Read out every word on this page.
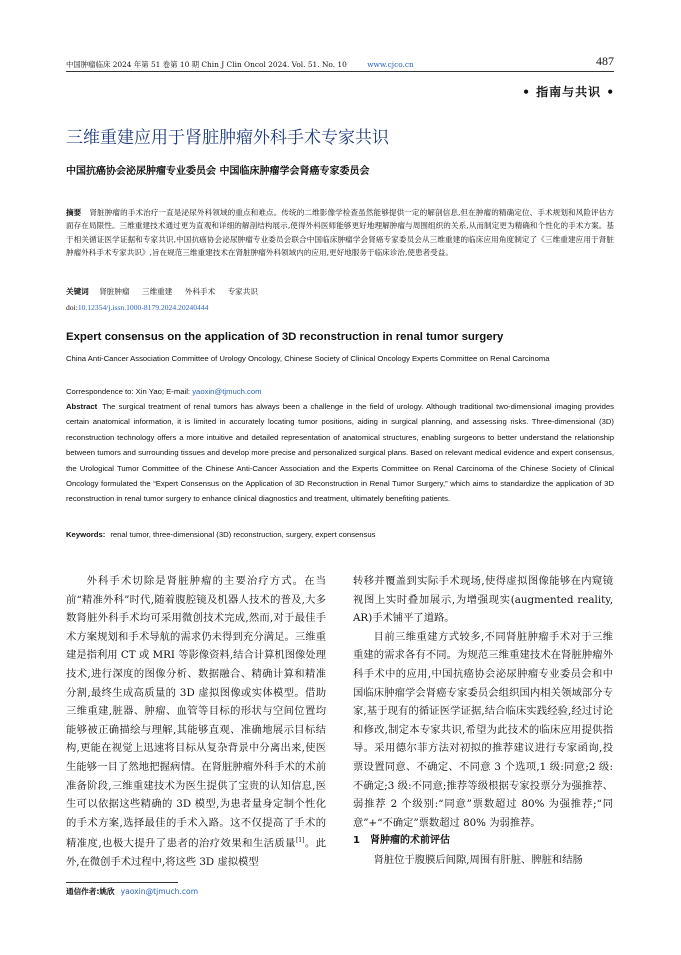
中国肿瘤临床 2024 年第 51 卷第 10 期 Chin J Clin Oncol 2024. Vol. 51. No. 10	www.cjco.cn	487
• 指南与共识 •
三维重建应用于肾脏肿瘤外科手术专家共识
中国抗癌协会泌尿肿瘤专业委员会 中国临床肿瘤学会肾癌专家委员会
摘要 肾脏肿瘤的手术治疗一直是泌尿外科领域的重点和难点。传统的二维影像学检查虽然能够提供一定的解剖信息,但在肿瘤的精确定位、手术规划和风险评估方面存在局限性。三维重建技术通过更为直观和详细的解剖结构展示,使得外科医师能够更好地理解肿瘤与周围组织的关系,从而制定更为精确和个性化的手术方案。基于相关循证医学证据和专家共识,中国抗癌协会泌尿肿瘤专业委员会联合中国临床肿瘤学会肾癌专家委员会从三维重建的临床应用角度制定了《三维重建应用于肾脏肿瘤外科手术专家共识》,旨在规范三维重建技术在肾脏肿瘤外科领域内的应用,更好地服务于临床诊治,使患者受益。
关键词 肾脏肿瘤 三维重建 外科手术 专家共识
doi:10.12354/j.issn.1000-8179.2024.20240444
Expert consensus on the application of 3D reconstruction in renal tumor surgery
China Anti-Cancer Association Committee of Urology Oncology, Chinese Society of Clinical Oncology Experts Committee on Renal Carcinoma
Correspondence to: Xin Yao; E-mail: yaoxin@tjmuch.com
Abstract The surgical treatment of renal tumors has always been a challenge in the field of urology. Although traditional two-dimensional imaging provides certain anatomical information, it is limited in accurately locating tumor positions, aiding in surgical planning, and assessing risks. Three-dimensional (3D) reconstruction technology offers a more intuitive and detailed representation of anatomical structures, enabling surgeons to better understand the relationship between tumors and surrounding tissues and develop more precise and personalized surgical plans. Based on relevant medical evidence and expert consensus, the Urological Tumor Committee of the Chinese Anti-Cancer Association and the Experts Committee on Renal Carcinoma of the Chinese Society of Clinical Oncology formulated the “Expert Consensus on the Application of 3D Reconstruction in Renal Tumor Surgery,” which aims to standardize the application of 3D reconstruction in renal tumor surgery to enhance clinical diagnostics and treatment, ultimately benefiting patients.
Keywords: renal tumor, three-dimensional (3D) reconstruction, surgery, expert consensus

外科手术切除是肾脏肿瘤的主要治疗方式。在当前“精准外科”时代,随着腹腔镜及机器人技术的普及,大多数肾脏外科手术均可采用微创技术完成,然而,对于最佳手术方案规划和手术导航的需求仍未得到充分满足。三维重建是指利用 CT 或 MRI 等影像资料,结合计算机图像处理技术,进行深度的图像分析、数据融合、精确计算和精准分割,最终生成高质量的 3D 虚拟图像或实体模型。借助三维重建,脏器、肿瘤、血管等目标的形状与空间位置均能够被正确描绘与理解,其能够直观、准确地展示目标结构,更能在视觉上迅速将目标从复杂背景中分离出来,使医生能够一目了然地把握病情。在肾脏肿瘤外科手术的术前准备阶段,三维重建技术为医生提供了宝贵的认知信息,医生可以依据这些精确的 3D 模型,为患者量身定制个性化的手术方案,选择最佳的手术入路。这不仅提高了手术的精准度,也极大提升了患者的治疗效果和生活质量[1]。此外,在微创手术过程中,将这些 3D 虚拟模型

转移并覆盖到实际手术现场,使得虚拟图像能够在内窥镜视图上实时叠加展示,为增强现实(augmented reality, AR)手术铺平了道路。

目前三维重建方式较多,不同肾脏肿瘤手术对于三维重建的需求各有不同。为规范三维重建技术在肾脏肿瘤外科手术中的应用,中国抗癌协会泌尿肿瘤专业委员会和中国临床肿瘤学会肾癌专家委员会组织国内相关领域部分专家,基于现有的循证医学证据,结合临床实践经验,经过讨论和修改,制定本专家共识,希望为此技术的临床应用提供指导。采用德尔菲方法对初拟的推荐建议进行专家函询,投票设置同意、不确定、不同意 3 个选项,1 级:同意;2 级:不确定;3 级:不同意;推荐等级根据专家投票分为强推荐、弱推荐 2 个级别:“同意”票数超过 80% 为强推荐;“同意”+“不确定”票数超过 80% 为弱推荐。

1 肾肿瘤的术前评估

肾脏位于腹膜后间隙,周围有肝脏、脾脏和结肠

通信作者:姚欣 yaoxin@tjmuch.com
